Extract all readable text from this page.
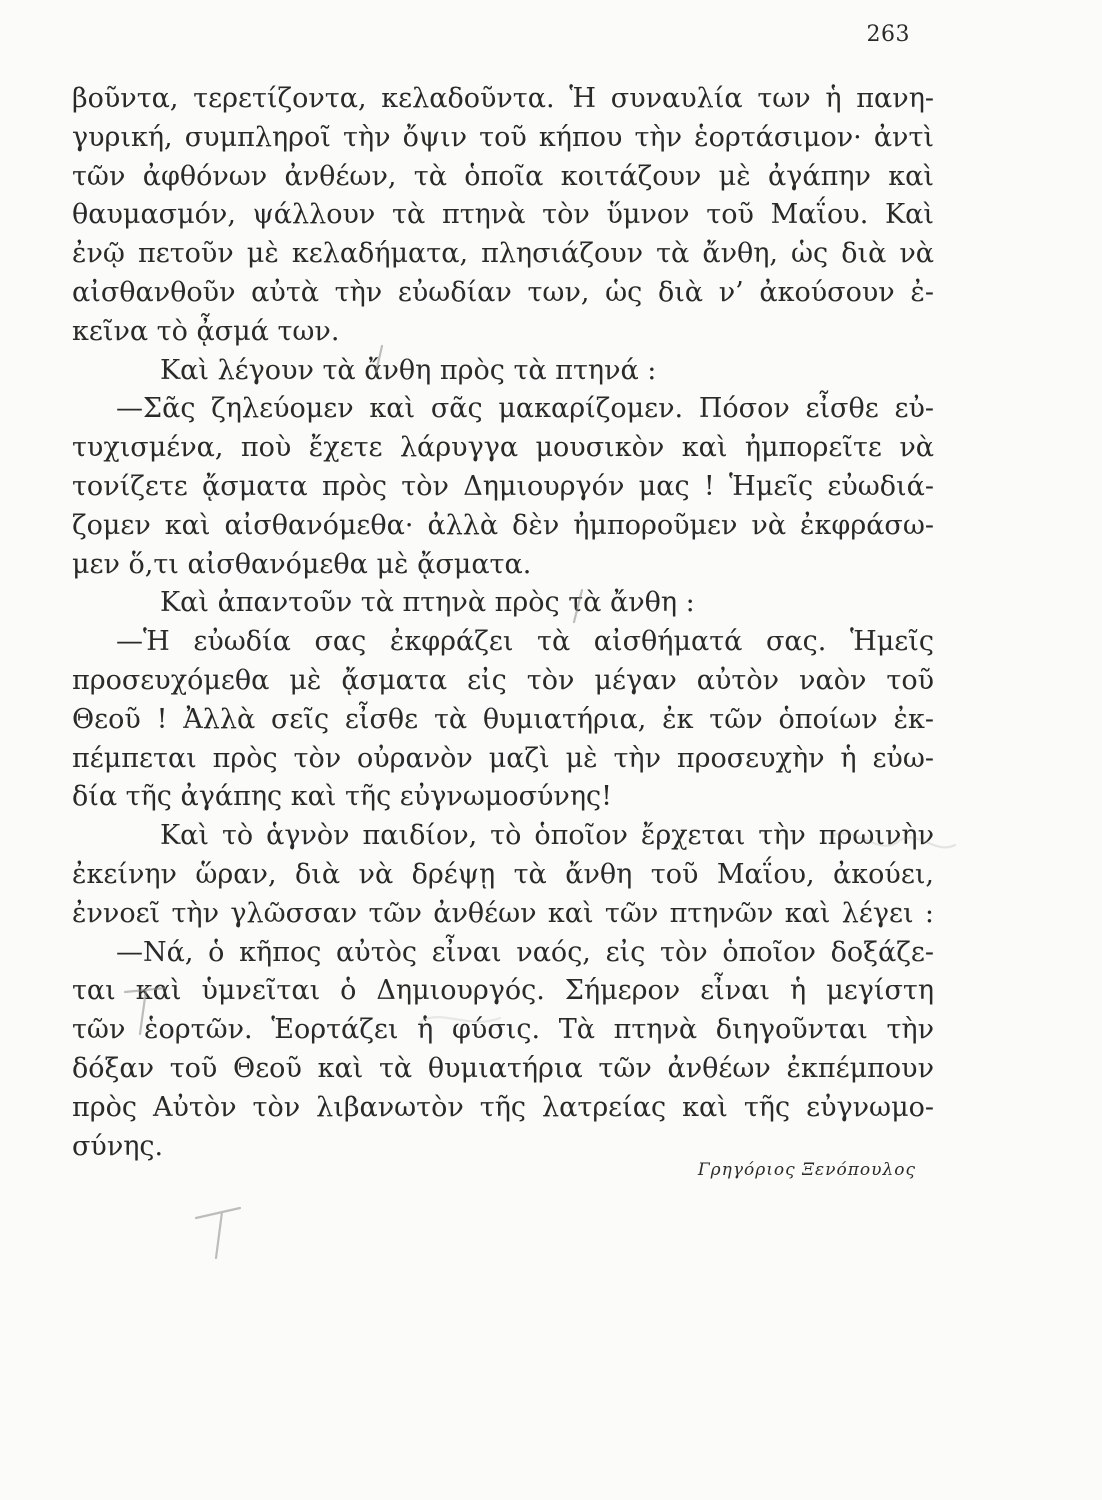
263
βοῦντα, τερετίζοντα, κελαδοῦντα. Ἡ συναυλία των ἡ πανη-
γυρική, συμπληροῖ τὴν ὄψιν τοῦ κήπου τὴν ἑορτάσιμον· ἀντὶ
τῶν ἀφθόνων ἀνθέων, τὰ ὁποῖα κοιτάζουν μὲ ἀγάπην καὶ
θαυμασμόν, ψάλλουν τὰ πτηνὰ τὸν ὕμνον τοῦ Μαΐου. Καὶ
ἐνῷ πετοῦν μὲ κελαδήματα, πλησιάζουν τὰ ἄνθη, ὡς διὰ νὰ
αἰσθανθοῦν αὐτὰ τὴν εὐωδίαν των, ὡς διὰ ν’ ἀκούσουν ἐ-
κεῖνα τὸ ᾆσμά των.
Καὶ λέγουν τὰ ἄνθη πρὸς τὰ πτηνά :
—Σᾶς ζηλεύομεν καὶ σᾶς μακαρίζομεν. Πόσον εἶσθε εὐ-
τυχισμένα, ποὺ ἔχετε λάρυγγα μουσικὸν καὶ ἠμπορεῖτε νὰ
τονίζετε ᾄσματα πρὸς τὸν Δημιουργόν μας ! Ἡμεῖς εὐωδιά-
ζομεν καὶ αἰσθανόμεθα· ἀλλὰ δὲν ἠμποροῦμεν νὰ ἐκφράσω-
μεν ὅ,τι αἰσθανόμεθα μὲ ᾄσματα.
Καὶ ἀπαντοῦν τὰ πτηνὰ πρὸς τὰ ἄνθη :
—Ἡ εὐωδία σας ἐκφράζει τὰ αἰσθήματά σας. Ἡμεῖς
προσευχόμεθα μὲ ᾄσματα εἰς τὸν μέγαν αὐτὸν ναὸν τοῦ
Θεοῦ ! Ἀλλὰ σεῖς εἶσθε τὰ θυμιατήρια, ἐκ τῶν ὁποίων ἐκ-
πέμπεται πρὸς τὸν οὐρανὸν μαζὶ μὲ τὴν προσευχὴν ἡ εὐω-
δία τῆς ἀγάπης καὶ τῆς εὐγνωμοσύνης!
Καὶ τὸ ἁγνὸν παιδίον, τὸ ὁποῖον ἔρχεται τὴν πρωινὴν
ἐκείνην ὥραν, διὰ νὰ δρέψῃ τὰ ἄνθη τοῦ Μαΐου, ἀκούει,
ἐννοεῖ τὴν γλῶσσαν τῶν ἀνθέων καὶ τῶν πτηνῶν καὶ λέγει :
—Νά, ὁ κῆπος αὐτὸς εἶναι ναός, εἰς τὸν ὁποῖον δοξάζε-
ται καὶ ὑμνεῖται ὁ Δημιουργός. Σήμερον εἶναι ἡ μεγίστη
τῶν ἑορτῶν. Ἑορτάζει ἡ φύσις. Τὰ πτηνὰ διηγοῦνται τὴν
δόξαν τοῦ Θεοῦ καὶ τὰ θυμιατήρια τῶν ἀνθέων ἐκπέμπουν
πρὸς Αὐτὸν τὸν λιβανωτὸν τῆς λατρείας καὶ τῆς εὐγνωμο-
σύνης.
Γρηγόριος Ξενόπουλος
